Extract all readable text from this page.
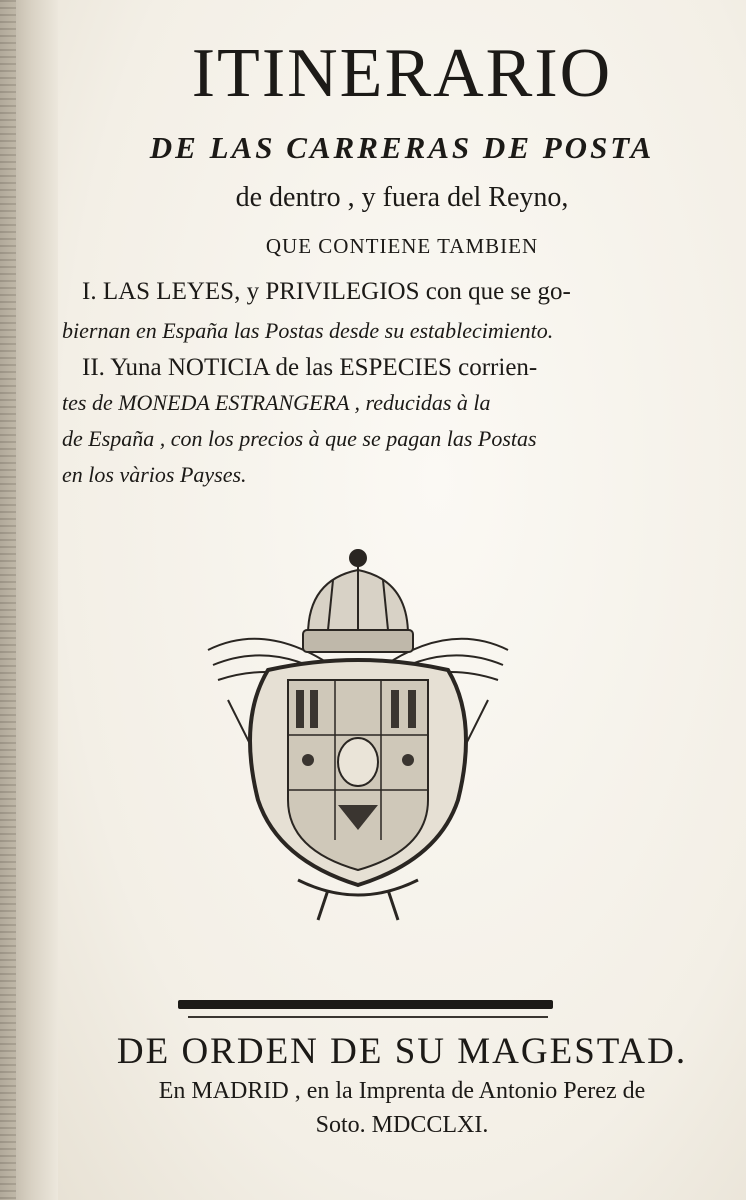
ITINERARIO
DE LAS CARRERAS DE POSTA
de dentro , y fuera del Reyno,
QUE CONTIENE TAMBIEN
I. LAS LEYES, y PRIVILEGIOS con que se go-
biernan en España las Postas desde su establecimiento.
II. Yuna NOTICIA de las ESPECIES corrien-
tes de MONEDA ESTRANGERA , reducidas à la
de España , con los precios à que se pagan las Postas
en los vàrios Payses.
DE ORDEN DE SU MAGESTAD.
En MADRID , en la Imprenta de Antonio Perez de
Soto. MDCCLXI.
